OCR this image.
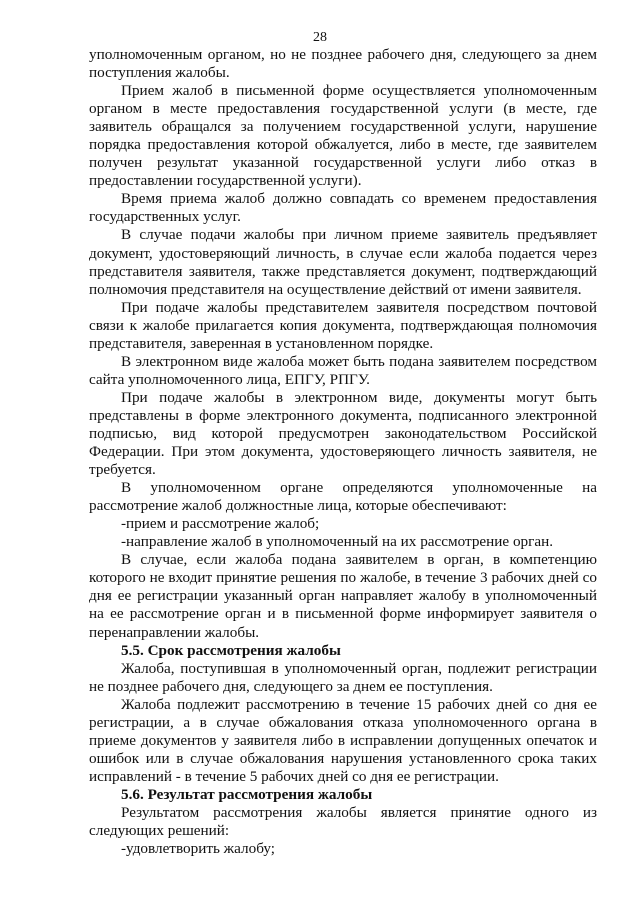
28

уполномоченным органом, но не позднее рабочего дня, следующего за днем поступления жалобы.

Прием жалоб в письменной форме осуществляется уполномоченным органом в месте предоставления государственной услуги (в месте, где заявитель обращался за получением государственной услуги, нарушение порядка предоставления которой обжалуется, либо в месте, где заявителем получен результат указанной государственной услуги либо отказ в предоставлении государственной услуги).

Время приема жалоб должно совпадать со временем предоставления государственных услуг.

В случае подачи жалобы при личном приеме заявитель предъявляет документ, удостоверяющий личность, в случае если жалоба подается через представителя заявителя, также представляется документ, подтверждающий полномочия представителя на осуществление действий от имени заявителя.

При подаче жалобы представителем заявителя посредством почтовой связи к жалобе прилагается копия документа, подтверждающая полномочия представителя, заверенная в установленном порядке.

В электронном виде жалоба может быть подана заявителем посредством сайта уполномоченного лица, ЕПГУ, РПГУ.

При подаче жалобы в электронном виде, документы могут быть представлены в форме электронного документа, подписанного электронной подписью, вид которой предусмотрен законодательством Российской Федерации. При этом документа, удостоверяющего личность заявителя, не требуется.

В уполномоченном органе определяются уполномоченные на рассмотрение жалоб должностные лица, которые обеспечивают:

-прием и рассмотрение жалоб;

-направление жалоб в уполномоченный на их рассмотрение орган.

В случае, если жалоба подана заявителем в орган, в компетенцию которого не входит принятие решения по жалобе, в течение 3 рабочих дней со дня ее регистрации указанный орган направляет жалобу в уполномоченный на ее рассмотрение орган и в письменной форме информирует заявителя о перенаправлении жалобы.

5.5. Срок рассмотрения жалобы

Жалоба, поступившая в уполномоченный орган, подлежит регистрации не позднее рабочего дня, следующего за днем ее поступления.

Жалоба подлежит рассмотрению в течение 15 рабочих дней со дня ее регистрации, а в случае обжалования отказа уполномоченного органа в приеме документов у заявителя либо в исправлении допущенных опечаток и ошибок или в случае обжалования нарушения установленного срока таких исправлений - в течение 5 рабочих дней со дня ее регистрации.

5.6. Результат рассмотрения жалобы

Результатом рассмотрения жалобы является принятие одного из следующих решений:

-удовлетворить жалобу;
